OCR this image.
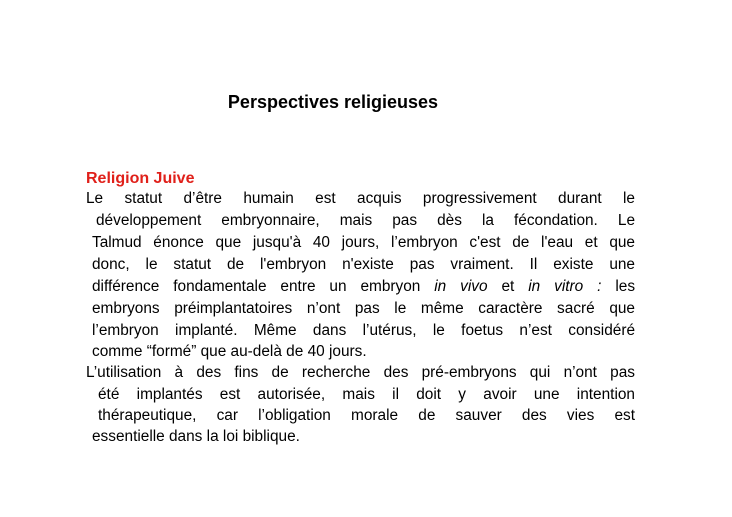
Perspectives religieuses
Religion Juive

Le statut d’être humain est acquis progressivement durant le

développement embryonnaire, mais pas dès la fécondation. Le

Talmud énonce que jusqu'à 40 jours, l’embryon c'est de l'eau et que

donc, le statut de l'embryon n'existe pas vraiment. Il existe une

différence fondamentale entre un embryon in vivo et in vitro : les

embryons préimplantatoires n’ont pas le même caractère sacré que

l’embryon implanté. Même dans l’utérus, le foetus n’est considéré

comme “formé” que au-delà de 40 jours.

L’utilisation à des fins de recherche des pré-embryons qui n’ont pas

été implantés est autorisée, mais il doit y avoir une intention

thérapeutique, car l’obligation morale de sauver des vies est

essentielle dans la loi biblique.
